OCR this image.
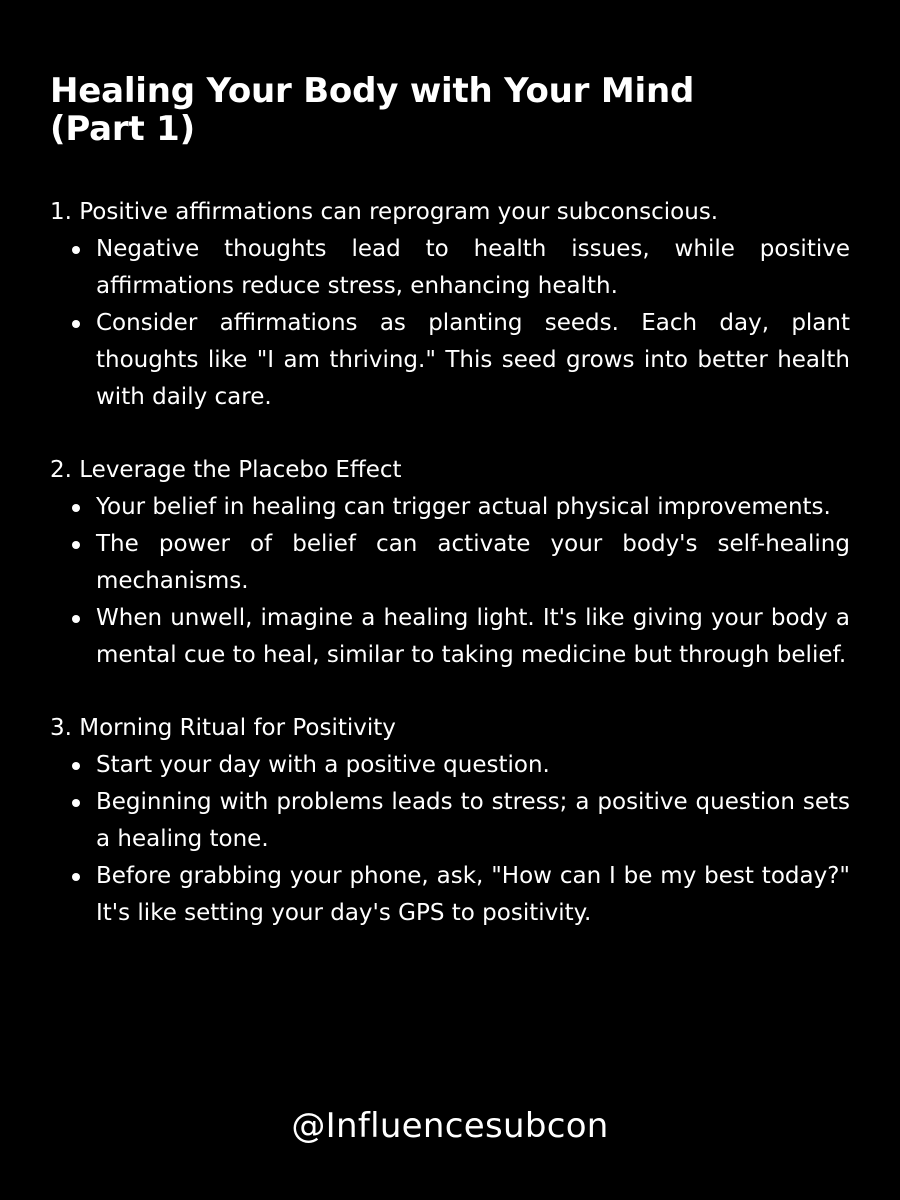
Healing Your Body with Your Mind
(Part 1)

1. Positive affirmations can reprogram your subconscious.

Negative thoughts lead to health issues, while positive affirmations reduce stress, enhancing health.
Consider affirmations as planting seeds. Each day, plant thoughts like "I am thriving." This seed grows into better health with daily care.

2. Leverage the Placebo Effect

Your belief in healing can trigger actual physical improvements.
The power of belief can activate your body's self-healing mechanisms.
When unwell, imagine a healing light. It's like giving your body a mental cue to heal, similar to taking medicine but through belief.

3. Morning Ritual for Positivity

Start your day with a positive question.
Beginning with problems leads to stress; a positive question sets a healing tone.
Before grabbing your phone, ask, "How can I be my best today?" It's like setting your day's GPS to positivity.
@Influencesubcon
